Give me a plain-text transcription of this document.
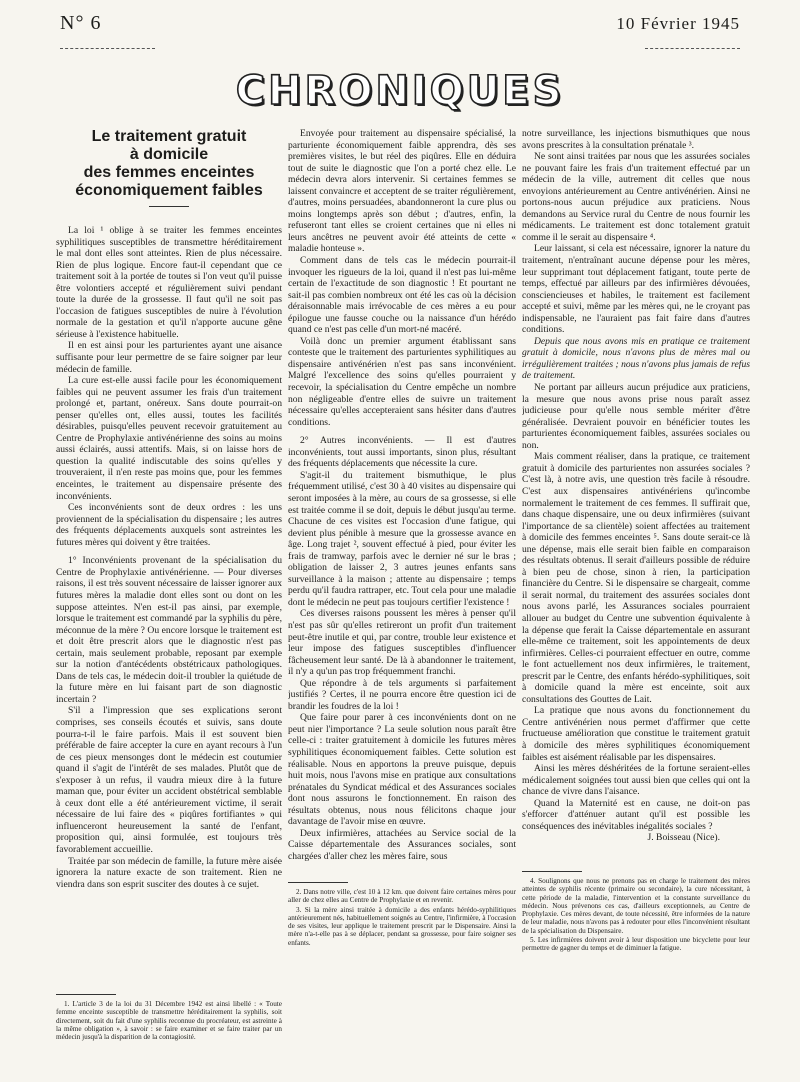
N° 6	10 Février 1945
CHRONIQUES

Le traitement gratuit

à domicile

des femmes enceintes

économiquement faibles

La loi ¹ oblige à se traiter les femmes enceintes syphilitiques susceptibles de transmettre héréditairement le mal dont elles sont atteintes. Rien de plus nécessaire. Rien de plus logique. Encore faut-il cependant que ce traitement soit à la portée de toutes si l'on veut qu'il puisse être volontiers accepté et régulièrement suivi pendant toute la durée de la grossesse. Il faut qu'il ne soit pas l'occasion de fatigues susceptibles de nuire à l'évolution normale de la gestation et qu'il n'apporte aucune gêne sérieuse à l'existence habituelle.

Il en est ainsi pour les parturientes ayant une aisance suffisante pour leur permettre de se faire soigner par leur médecin de famille.

La cure est-elle aussi facile pour les économiquement faibles qui ne peuvent assumer les frais d'un traitement prolongé et, partant, onéreux. Sans doute pourrait-on penser qu'elles ont, elles aussi, toutes les facilités désirables, puisqu'elles peuvent recevoir gratuitement au Centre de Prophylaxie antivénérienne des soins au moins aussi éclairés, aussi attentifs. Mais, si on laisse hors de question la qualité indiscutable des soins qu'elles y trouveraient, il n'en reste pas moins que, pour les femmes enceintes, le traitement au dispensaire présente des inconvénients.

Ces inconvénients sont de deux ordres : les uns proviennent de la spécialisation du dispensaire ; les autres des fréquents déplacements auxquels sont astreintes les futures mères qui doivent y être traitées.

1° Inconvénients provenant de la spécialisation du Centre de Prophylaxie antivénérienne. — Pour diverses raisons, il est très souvent nécessaire de laisser ignorer aux futures mères la maladie dont elles sont ou dont on les suppose atteintes. N'en est-il pas ainsi, par exemple, lorsque le traitement est commandé par la syphilis du père, méconnue de la mère ? Ou encore lorsque le traitement est et doit être prescrit alors que le diagnostic n'est pas certain, mais seulement probable, reposant par exemple sur la notion d'antécédents obstétricaux pathologiques. Dans de tels cas, le médecin doit-il troubler la quiétude de la future mère en lui faisant part de son diagnostic incertain ?

S'il a l'impression que ses explications seront comprises, ses conseils écoutés et suivis, sans doute pourra-t-il le faire parfois. Mais il est souvent bien préférable de faire accepter la cure en ayant recours à l'un de ces pieux mensonges dont le médecin est coutumier quand il s'agit de l'intérêt de ses malades. Plutôt que de s'exposer à un refus, il vaudra mieux dire à la future maman que, pour éviter un accident obstétrical semblable à ceux dont elle a été antérieurement victime, il serait nécessaire de lui faire des « piqûres fortifiantes » qui influenceront heureusement la santé de l'enfant, proposition qui, ainsi formulée, est toujours très favorablement accueillie.

Traitée par son médecin de famille, la future mère aisée ignorera la nature exacte de son traitement. Rien ne viendra dans son esprit susciter des doutes à ce sujet.

Envoyée pour traitement au dispensaire spécialisé, la parturiente économiquement faible apprendra, dès ses premières visites, le but réel des piqûres. Elle en déduira tout de suite le diagnostic que l'on a porté chez elle. Le médecin devra alors intervenir. Si certaines femmes se laissent convaincre et acceptent de se traiter régulièrement, d'autres, moins persuadées, abandonneront la cure plus ou moins longtemps après son début ; d'autres, enfin, la refuseront tant elles se croient certaines que ni elles ni leurs ancêtres ne peuvent avoir été atteints de cette « maladie honteuse ».

Comment dans de tels cas le médecin pourrait-il invoquer les rigueurs de la loi, quand il n'est pas lui-même certain de l'exactitude de son diagnostic ! Et pourtant ne sait-il pas combien nombreux ont été les cas où la décision déraisonnable mais irrévocable de ces mères a eu pour épilogue une fausse couche ou la naissance d'un hérédo quand ce n'est pas celle d'un mort-né macéré.

Voilà donc un premier argument établissant sans conteste que le traitement des parturientes syphilitiques au dispensaire antivénérien n'est pas sans inconvénient. Malgré l'excellence des soins qu'elles pourraient y recevoir, la spécialisation du Centre empêche un nombre non négligeable d'entre elles de suivre un traitement nécessaire qu'elles accepteraient sans hésiter dans d'autres conditions.

2° Autres inconvénients. — Il est d'autres inconvénients, tout aussi importants, sinon plus, résultant des fréquents déplacements que nécessite la cure.

S'agit-il du traitement bismuthique, le plus fréquemment utilisé, c'est 30 à 40 visites au dispensaire qui seront imposées à la mère, au cours de sa grossesse, si elle est traitée comme il se doit, depuis le début jusqu'au terme. Chacune de ces visites est l'occasion d'une fatigue, qui devient plus pénible à mesure que la grossesse avance en âge. Long trajet ², souvent effectué à pied, pour éviter les frais de tramway, parfois avec le dernier né sur le bras ; obligation de laisser 2, 3 autres jeunes enfants sans surveillance à la maison ; attente au dispensaire ; temps perdu qu'il faudra rattraper, etc. Tout cela pour une maladie dont le médecin ne peut pas toujours certifier l'existence !

Ces diverses raisons poussent les mères à penser qu'il n'est pas sûr qu'elles retireront un profit d'un traitement peut-être inutile et qui, par contre, trouble leur existence et leur impose des fatigues susceptibles d'influencer fâcheusement leur santé. De là à abandonner le traitement, il n'y a qu'un pas trop fréquemment franchi.

Que répondre à de tels arguments si parfaitement justifiés ? Certes, il ne pourra encore être question ici de brandir les foudres de la loi !

Que faire pour parer à ces inconvénients dont on ne peut nier l'importance ? La seule solution nous paraît être celle-ci : traiter gratuitement à domicile les futures mères syphilitiques économiquement faibles. Cette solution est réalisable. Nous en apportons la preuve puisque, depuis huit mois, nous l'avons mise en pratique aux consultations prénatales du Syndicat médical et des Assurances sociales dont nous assurons le fonctionnement. En raison des résultats obtenus, nous nous félicitons chaque jour davantage de l'avoir mise en œuvre.

Deux infirmières, attachées au Service social de la Caisse départementale des Assurances sociales, sont chargées d'aller chez les mères faire, sous

notre surveillance, les injections bismuthiques que nous avons prescrites à la consultation prénatale ³.

Ne sont ainsi traitées par nous que les assurées sociales ne pouvant faire les frais d'un traitement effectué par un médecin de la ville, autrement dit celles que nous envoyions antérieurement au Centre antivénérien. Ainsi ne portons-nous aucun préjudice aux praticiens. Nous demandons au Service rural du Centre de nous fournir les médicaments. Le traitement est donc totalement gratuit comme il le serait au dispensaire ⁴.

Leur laissant, si cela est nécessaire, ignorer la nature du traitement, n'entraînant aucune dépense pour les mères, leur supprimant tout déplacement fatigant, toute perte de temps, effectué par ailleurs par des infirmières dévouées, consciencieuses et habiles, le traitement est facilement accepté et suivi, même par les mères qui, ne le croyant pas indispensable, ne l'auraient pas fait faire dans d'autres conditions.

Depuis que nous avons mis en pratique ce traitement gratuit à domicile, nous n'avons plus de mères mal ou irrégulièrement traitées ; nous n'avons plus jamais de refus de traitement.

Ne portant par ailleurs aucun préjudice aux praticiens, la mesure que nous avons prise nous paraît assez judicieuse pour qu'elle nous semble mériter d'être généralisée. Devraient pouvoir en bénéficier toutes les parturientes économiquement faibles, assurées sociales ou non.

Mais comment réaliser, dans la pratique, ce traitement gratuit à domicile des parturientes non assurées sociales ? C'est là, à notre avis, une question très facile à résoudre. C'est aux dispensaires antivénériens qu'incombe normalement le traitement de ces femmes. Il suffirait que, dans chaque dispensaire, une ou deux infirmières (suivant l'importance de sa clientèle) soient affectées au traitement à domicile des femmes enceintes ⁵. Sans doute serait-ce là une dépense, mais elle serait bien faible en comparaison des résultats obtenus. Il serait d'ailleurs possible de réduire à bien peu de chose, sinon à rien, la participation financière du Centre. Si le dispensaire se chargeait, comme il serait normal, du traitement des assurées sociales dont nous avons parlé, les Assurances sociales pourraient allouer au budget du Centre une subvention équivalente à la dépense que ferait la Caisse départementale en assurant elle-même ce traitement, soit les appointements de deux infirmières. Celles-ci pourraient effectuer en outre, comme le font actuellement nos deux infirmières, le traitement, prescrit par le Centre, des enfants hérédo-syphilitiques, soit à domicile quand la mère est enceinte, soit aux consultations des Gouttes de Lait.

La pratique que nous avons du fonctionnement du Centre antivénérien nous permet d'affirmer que cette fructueuse amélioration que constitue le traitement gratuit à domicile des mères syphilitiques économiquement faibles est aisément réalisable par les dispensaires.

Ainsi les mères déshéritées de la fortune seraient-elles médicalement soignées tout aussi bien que celles qui ont la chance de vivre dans l'aisance.

Quand la Maternité est en cause, ne doit-on pas s'efforcer d'atténuer autant qu'il est possible les conséquences des inévitables inégalités sociales ?

J. Boisseau (Nice).

1. L'article 3 de la loi du 31 Décembre 1942 est ainsi libellé : « Toute femme enceinte susceptible de transmettre héréditairement la syphilis, soit directement, soit du fait d'une syphilis reconnue du procréateur, est astreinte à la même obligation », à savoir : se faire examiner et se faire traiter par un médecin jusqu'à la disparition de la contagiosité.

2. Dans notre ville, c'est 10 à 12 km. que doivent faire certaines mères pour aller de chez elles au Centre de Prophylaxie et en revenir.

3. Si la mère ainsi traitée à domicile a des enfants hérédo-syphilitiques antérieurement nés, habituellement soignés au Centre, l'infirmière, à l'occasion de ses visites, leur applique le traitement prescrit par le Dispensaire. Ainsi la mère n'a-t-elle pas à se déplacer, pendant sa grossesse, pour faire soigner ses enfants.

4. Soulignons que nous ne prenons pas en charge le traitement des mères atteintes de syphilis récente (primaire ou secondaire), la cure nécessitant, à cette période de la maladie, l'intervention et la constante surveillance du médecin. Nous prévenons ces cas, d'ailleurs exceptionnels, au Centre de Prophylaxie. Ces mères devant, de toute nécessité, être informées de la nature de leur maladie, nous n'avons pas à redouter pour elles l'inconvénient résultant de la spécialisation du Dispensaire.

5. Les infirmières doivent avoir à leur disposition une bicyclette pour leur permettre de gagner du temps et de diminuer la fatigue.
